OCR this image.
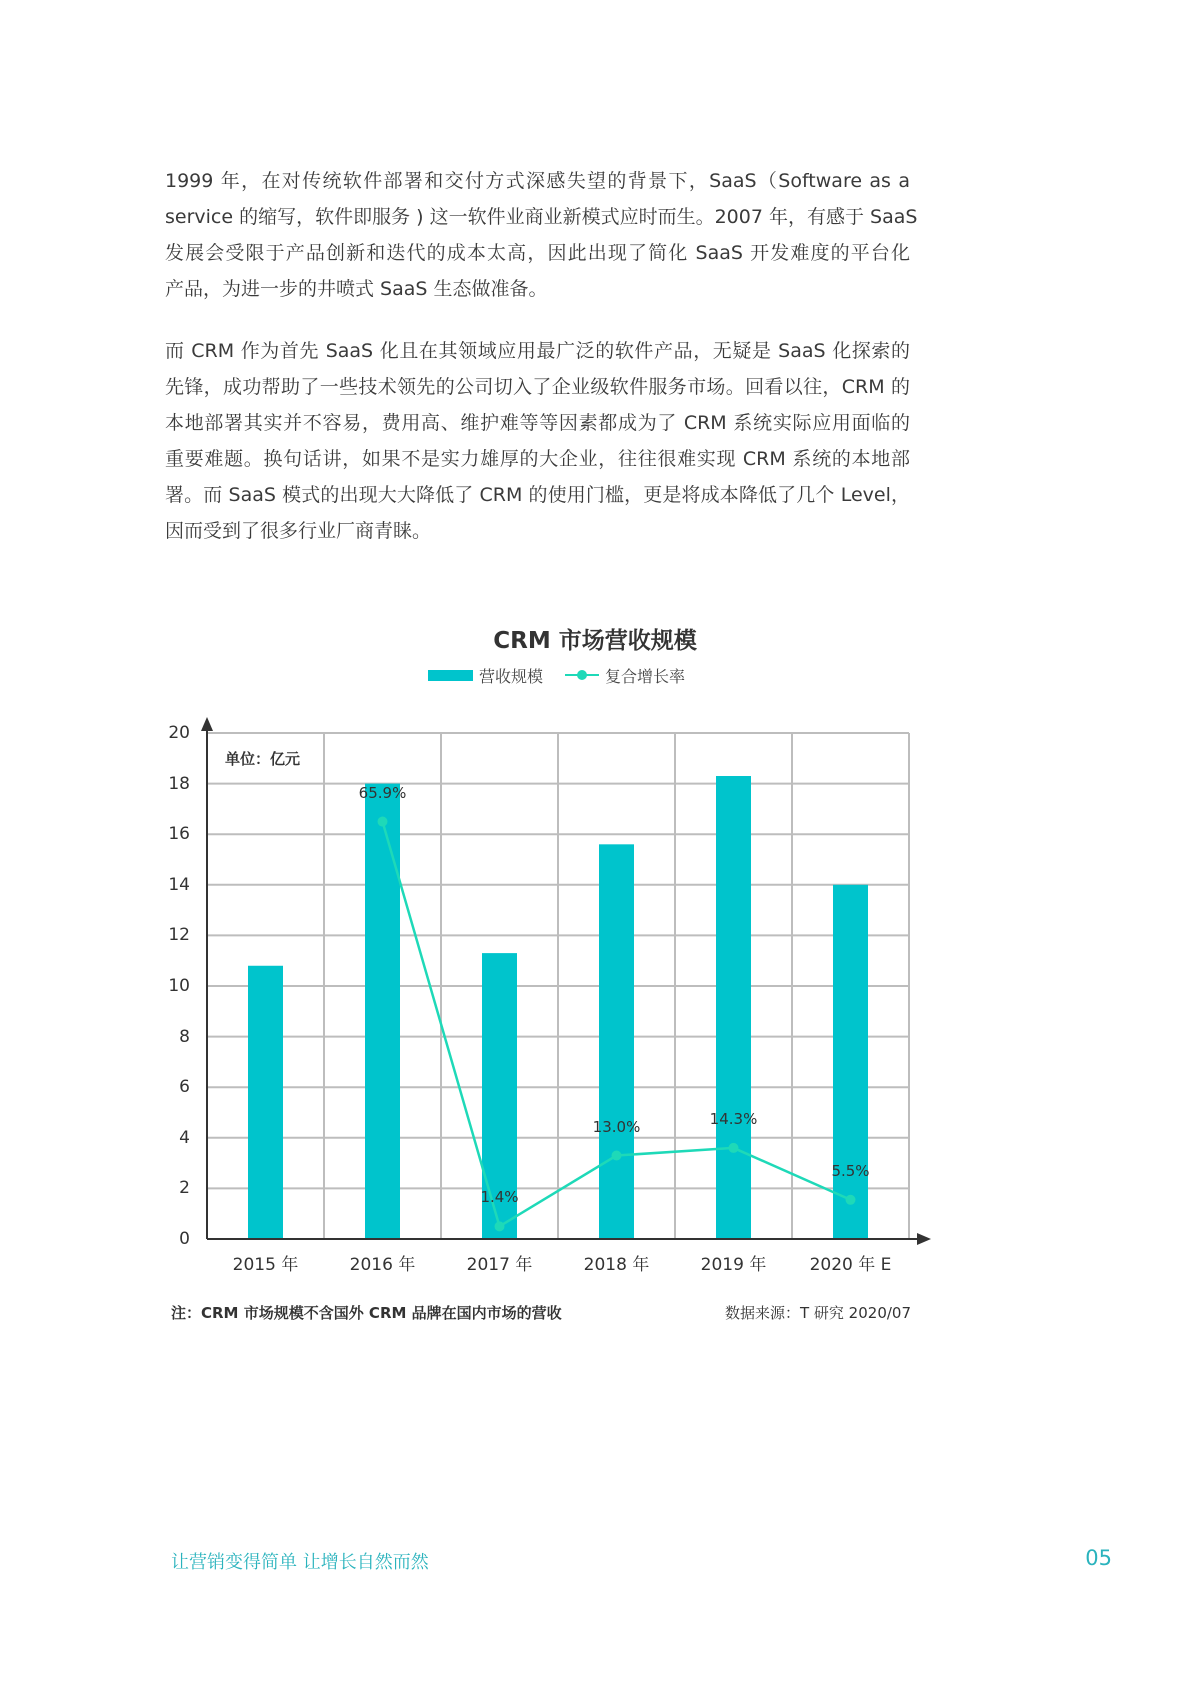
1999 年，在对传统软件部署和交付方式深感失望的背景下，SaaS（Software as a
service 的缩写，软件即服务 ) 这一软件业商业新模式应时而生。2007 年，有感于 SaaS
发展会受限于产品创新和迭代的成本太高，因此出现了简化 SaaS 开发难度的平台化
产品，为进一步的井喷式 SaaS 生态做准备。
而 CRM 作为首先 SaaS 化且在其领域应用最广泛的软件产品，无疑是 SaaS 化探索的
先锋，成功帮助了一些技术领先的公司切入了企业级软件服务市场。回看以往，CRM 的
本地部署其实并不容易，费用高、维护难等等因素都成为了 CRM 系统实际应用面临的
重要难题。换句话讲，如果不是实力雄厚的大企业，往往很难实现 CRM 系统的本地部
署。而 SaaS 模式的出现大大降低了 CRM 的使用门槛，更是将成本降低了几个 Level，
因而受到了很多行业厂商青睐。
CRM 市场营收规模
营收规模	复合增长率
0
2
4
6
8
10
12
14
16
18
20
2015 年	2016 年	2017 年	2018 年	2019 年	2020 年 E
65.9%
1.4%
13.0%	14.3%
5.5%
单位：亿元
注：CRM 市场规模不含国外 CRM 品牌在国内市场的营收	数据来源：T 研究 2020/07
让营销变得简单 让增长自然而然	05
